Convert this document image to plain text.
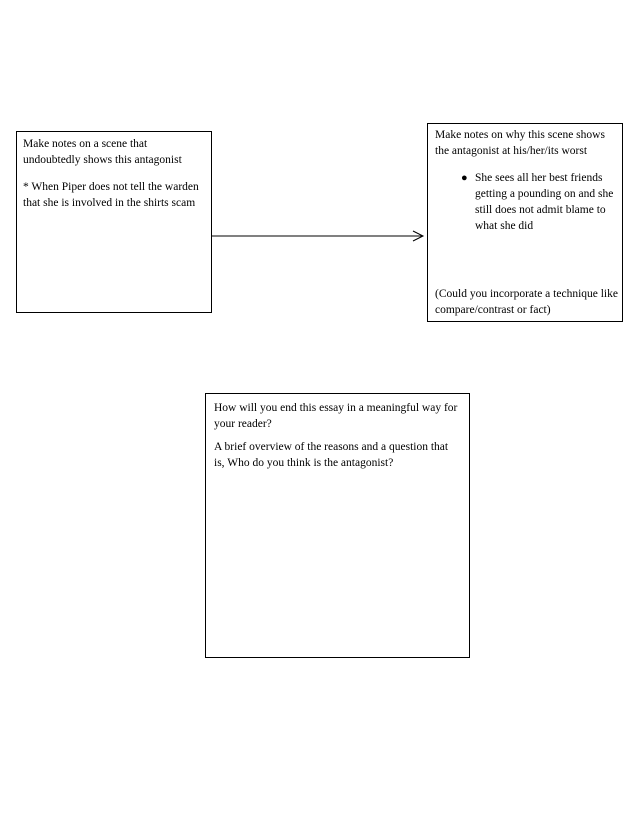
Make notes on a scene that undoubtedly shows this antagonist

* When Piper does not tell the warden that she is involved in the shirts scam

Make notes on why this scene shows the antagonist at his/her/its worst

● She sees all her best friends getting a pounding on and she still does not admit blame to what she did

(Could you incorporate a technique like compare/contrast or fact)

How will you end this essay in a meaningful way for your reader?

A brief overview of the reasons and a question that is, Who do you think is the antagonist?
